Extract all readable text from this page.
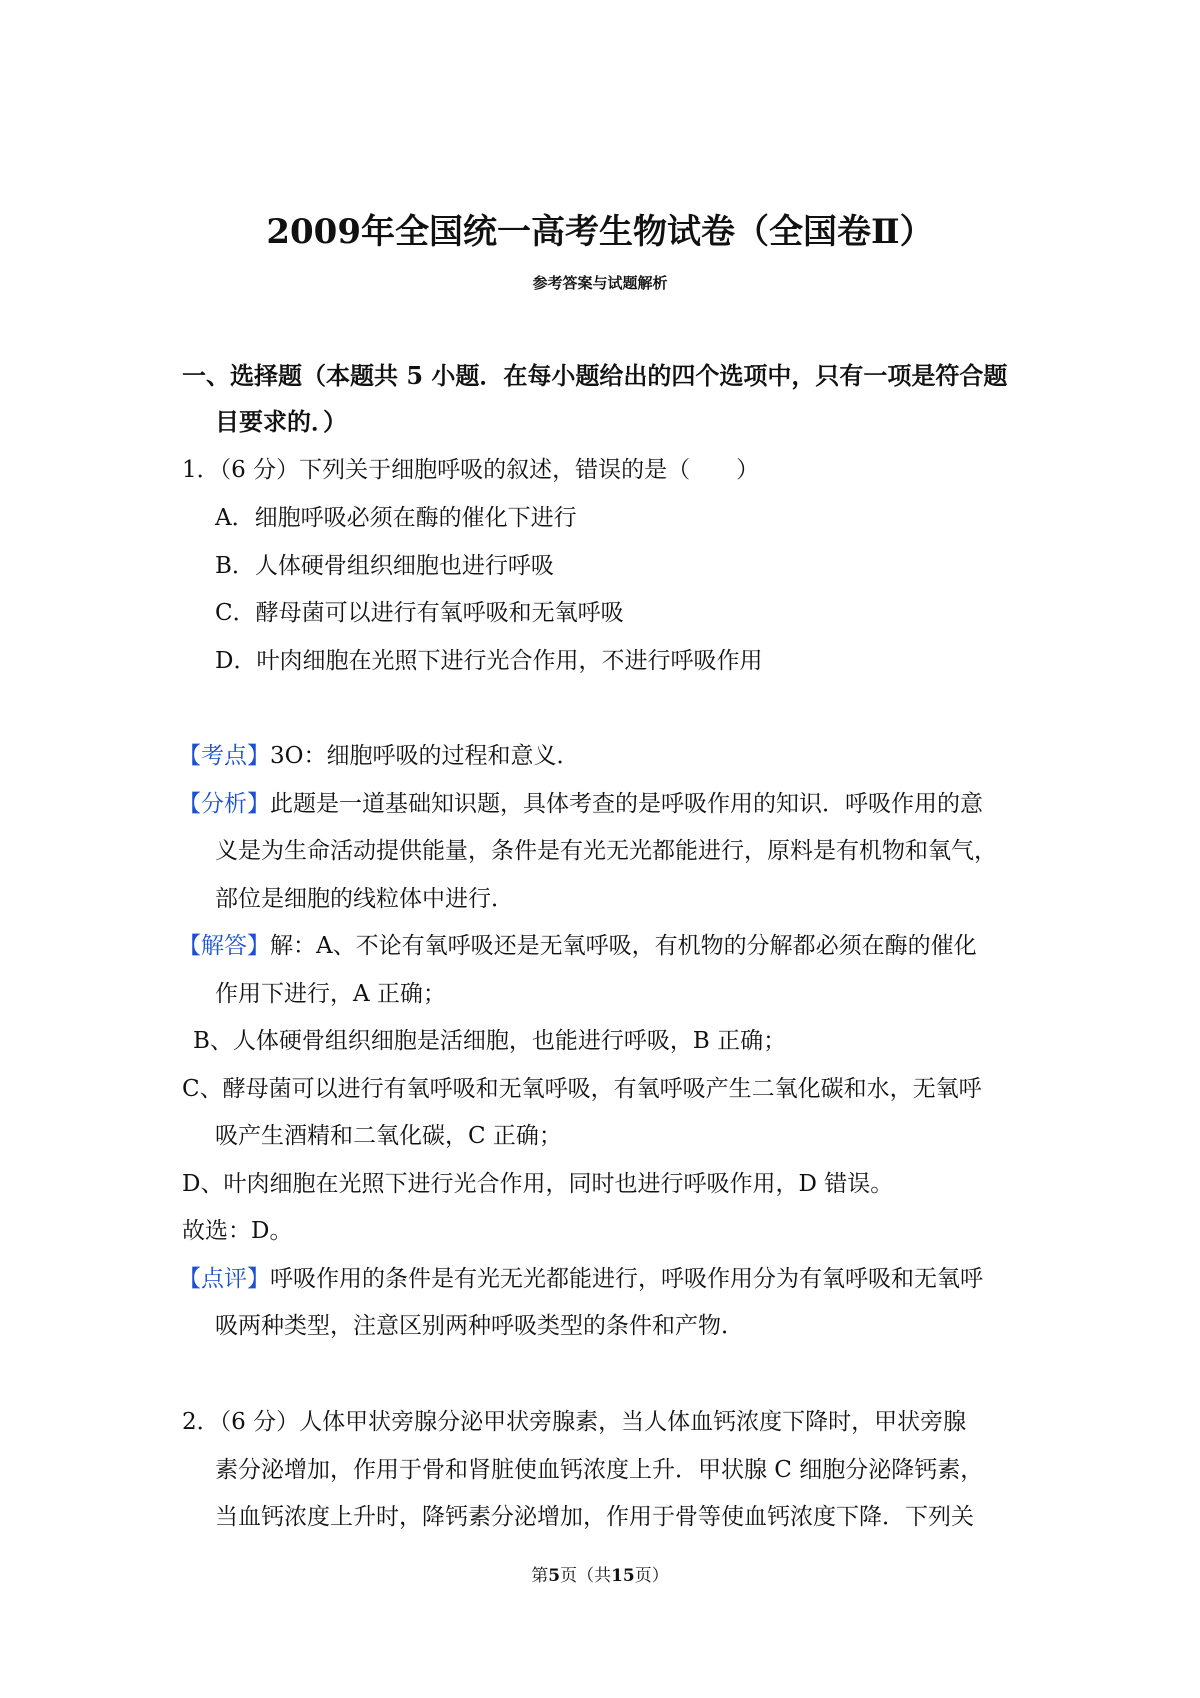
2009年全国统一高考生物试卷（全国卷Ⅱ）
参考答案与试题解析
一、选择题（本题共 5 小题．在每小题给出的四个选项中，只有一项是符合题
目要求的．）
1．（6 分）下列关于细胞呼吸的叙述，错误的是（　　）
A．细胞呼吸必须在酶的催化下进行
B．人体硬骨组织细胞也进行呼吸
C．酵母菌可以进行有氧呼吸和无氧呼吸
D．叶肉细胞在光照下进行光合作用，不进行呼吸作用
【考点】3O：细胞呼吸的过程和意义．
【分析】此题是一道基础知识题，具体考查的是呼吸作用的知识．呼吸作用的意
义是为生命活动提供能量，条件是有光无光都能进行，原料是有机物和氧气，
部位是细胞的线粒体中进行．
【解答】解：A、不论有氧呼吸还是无氧呼吸，有机物的分解都必须在酶的催化
作用下进行，A 正确；
B、人体硬骨组织细胞是活细胞，也能进行呼吸，B 正确；
C、酵母菌可以进行有氧呼吸和无氧呼吸，有氧呼吸产生二氧化碳和水，无氧呼
吸产生酒精和二氧化碳，C 正确；
D、叶肉细胞在光照下进行光合作用，同时也进行呼吸作用，D 错误。
故选：D。
【点评】呼吸作用的条件是有光无光都能进行，呼吸作用分为有氧呼吸和无氧呼
吸两种类型，注意区别两种呼吸类型的条件和产物．
2．（6 分）人体甲状旁腺分泌甲状旁腺素，当人体血钙浓度下降时，甲状旁腺
素分泌增加，作用于骨和肾脏使血钙浓度上升．甲状腺 C 细胞分泌降钙素，
当血钙浓度上升时，降钙素分泌增加，作用于骨等使血钙浓度下降．下列关
第5页（共15页）
